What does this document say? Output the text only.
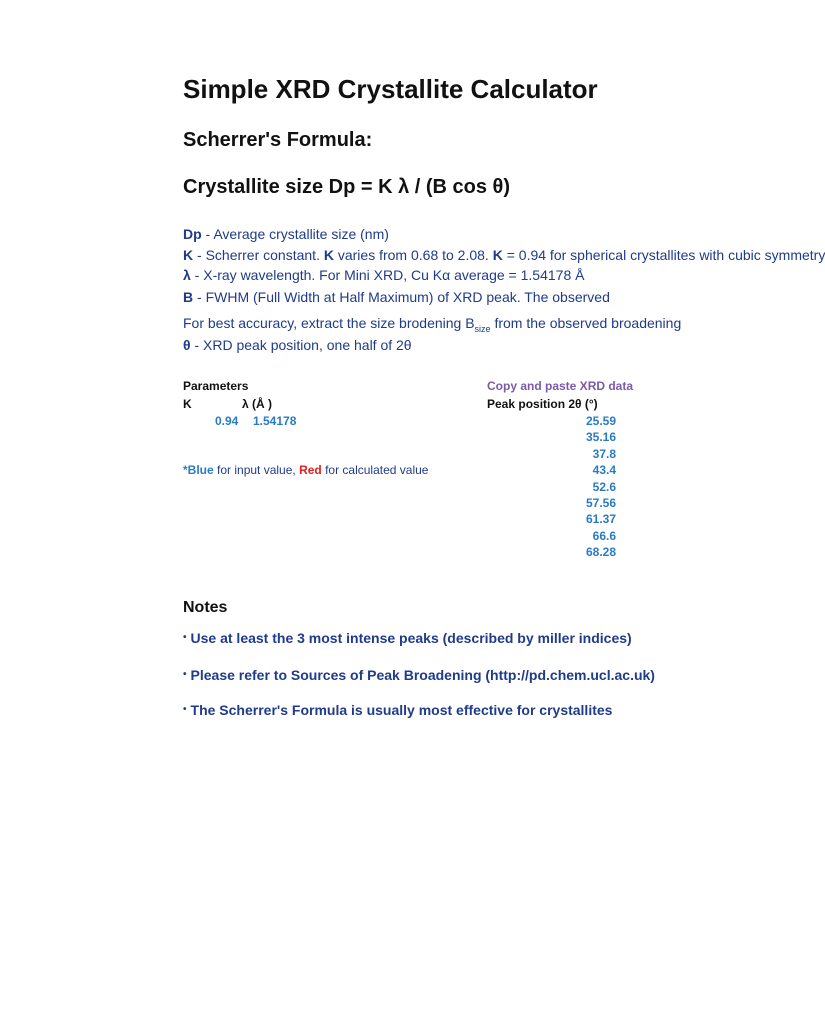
Simple XRD Crystallite Calculator
Scherrer's Formula:
Crystallite size Dp = K λ / (B cos θ)
Dp - Average crystallite size (nm)
K - Scherrer constant. K varies from 0.68 to 2.08. K = 0.94 for spherical crystallites with cubic symmetry
λ - X-ray wavelength. For Mini XRD, Cu Kα average = 1.54178 Å
B - FWHM (Full Width at Half Maximum) of XRD peak. The observed
For best accuracy, extract the size brodening $B_{size}$ from the observed broadening
θ - XRD peak position, one half of 2θ
Parameters
K	λ (Å )
0.94 1.54178
*Blue for input value, Red for calculated value
Copy and paste XRD data
Peak position 2θ (°)
25.59
35.16
37.8
43.4
52.6
57.56
61.37
66.6
68.28
Notes
• Use at least the 3 most intense peaks (described by miller indices)
• Please refer to Sources of Peak Broadening (http://pd.chem.ucl.ac.uk)
• The Scherrer's Formula is usually most effective for crystallites
